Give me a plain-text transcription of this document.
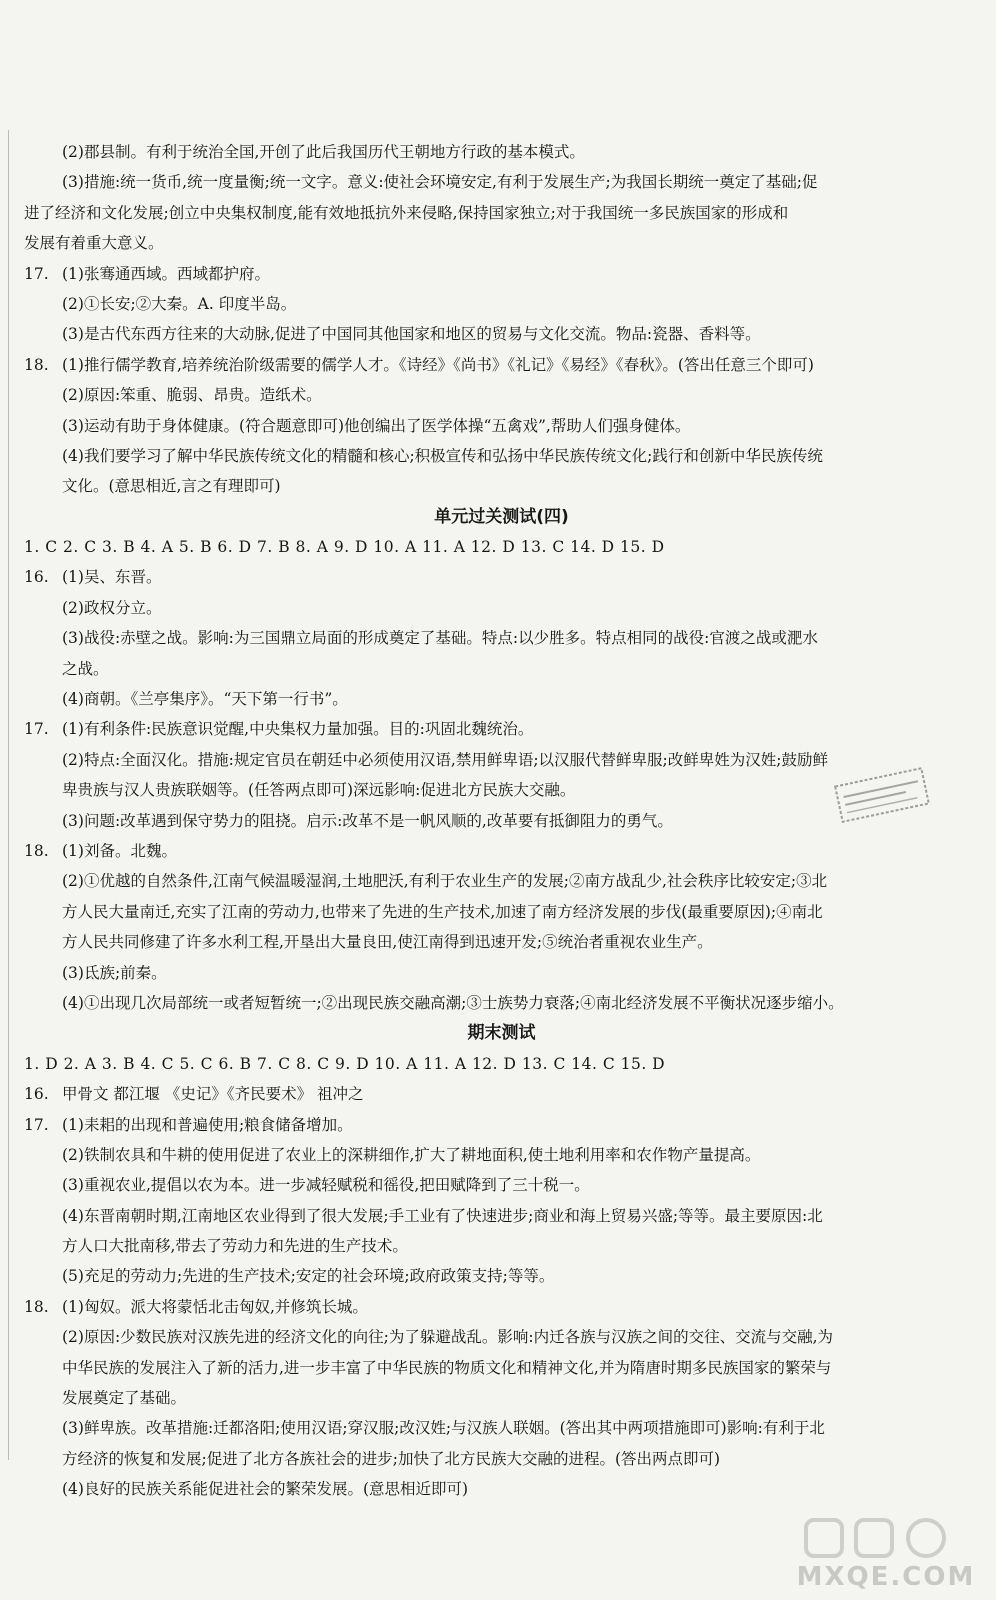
(2)郡县制。有利于统治全国,开创了此后我国历代王朝地方行政的基本模式。
(3)措施:统一货币,统一度量衡;统一文字。意义:使社会环境安定,有利于发展生产;为我国长期统一奠定了基础;促
进了经济和文化发展;创立中央集权制度,能有效地抵抗外来侵略,保持国家独立;对于我国统一多民族国家的形成和
发展有着重大意义。
17. (1)张骞通西域。西域都护府。
(2)①长安;②大秦。A. 印度半岛。
(3)是古代东西方往来的大动脉,促进了中国同其他国家和地区的贸易与文化交流。物品:瓷器、香料等。
18. (1)推行儒学教育,培养统治阶级需要的儒学人才。《诗经》《尚书》《礼记》《易经》《春秋》。(答出任意三个即可)
(2)原因:笨重、脆弱、昂贵。造纸术。
(3)运动有助于身体健康。(符合题意即可)他创编出了医学体操“五禽戏”,帮助人们强身健体。
(4)我们要学习了解中华民族传统文化的精髓和核心;积极宣传和弘扬中华民族传统文化;践行和创新中华民族传统
文化。(意思相近,言之有理即可)
单元过关测试(四)
1. C 2. C 3. B 4. A 5. B 6. D 7. B 8. A 9. D 10. A 11. A 12. D 13. C 14. D 15. D
16. (1)吴、东晋。
(2)政权分立。
(3)战役:赤壁之战。影响:为三国鼎立局面的形成奠定了基础。特点:以少胜多。特点相同的战役:官渡之战或淝水
之战。
(4)商朝。《兰亭集序》。“天下第一行书”。
17. (1)有利条件:民族意识觉醒,中央集权力量加强。目的:巩固北魏统治。
(2)特点:全面汉化。措施:规定官员在朝廷中必须使用汉语,禁用鲜卑语;以汉服代替鲜卑服;改鲜卑姓为汉姓;鼓励鲜
卑贵族与汉人贵族联姻等。(任答两点即可)深远影响:促进北方民族大交融。
(3)问题:改革遇到保守势力的阻挠。启示:改革不是一帆风顺的,改革要有抵御阻力的勇气。
18. (1)刘备。北魏。
(2)①优越的自然条件,江南气候温暖湿润,土地肥沃,有利于农业生产的发展;②南方战乱少,社会秩序比较安定;③北
方人民大量南迁,充实了江南的劳动力,也带来了先进的生产技术,加速了南方经济发展的步伐(最重要原因);④南北
方人民共同修建了许多水利工程,开垦出大量良田,使江南得到迅速开发;⑤统治者重视农业生产。
(3)氐族;前秦。
(4)①出现几次局部统一或者短暂统一;②出现民族交融高潮;③士族势力衰落;④南北经济发展不平衡状况逐步缩小。
期末测试
1. D 2. A 3. B 4. C 5. C 6. B 7. C 8. C 9. D 10. A 11. A 12. D 13. C 14. C 15. D
16. 甲骨文 都江堰 《史记》《齐民要术》 祖冲之
17. (1)耒耜的出现和普遍使用;粮食储备增加。
(2)铁制农具和牛耕的使用促进了农业上的深耕细作,扩大了耕地面积,使土地利用率和农作物产量提高。
(3)重视农业,提倡以农为本。进一步减轻赋税和徭役,把田赋降到了三十税一。
(4)东晋南朝时期,江南地区农业得到了很大发展;手工业有了快速进步;商业和海上贸易兴盛;等等。最主要原因:北
方人口大批南移,带去了劳动力和先进的生产技术。
(5)充足的劳动力;先进的生产技术;安定的社会环境;政府政策支持;等等。
18. (1)匈奴。派大将蒙恬北击匈奴,并修筑长城。
(2)原因:少数民族对汉族先进的经济文化的向往;为了躲避战乱。影响:内迁各族与汉族之间的交往、交流与交融,为
中华民族的发展注入了新的活力,进一步丰富了中华民族的物质文化和精神文化,并为隋唐时期多民族国家的繁荣与
发展奠定了基础。
(3)鲜卑族。改革措施:迁都洛阳;使用汉语;穿汉服;改汉姓;与汉族人联姻。(答出其中两项措施即可)影响:有利于北
方经济的恢复和发展;促进了北方各族社会的进步;加快了北方民族大交融的进程。(答出两点即可)
(4)良好的民族关系能促进社会的繁荣发展。(意思相近即可)
MXQE.COM
